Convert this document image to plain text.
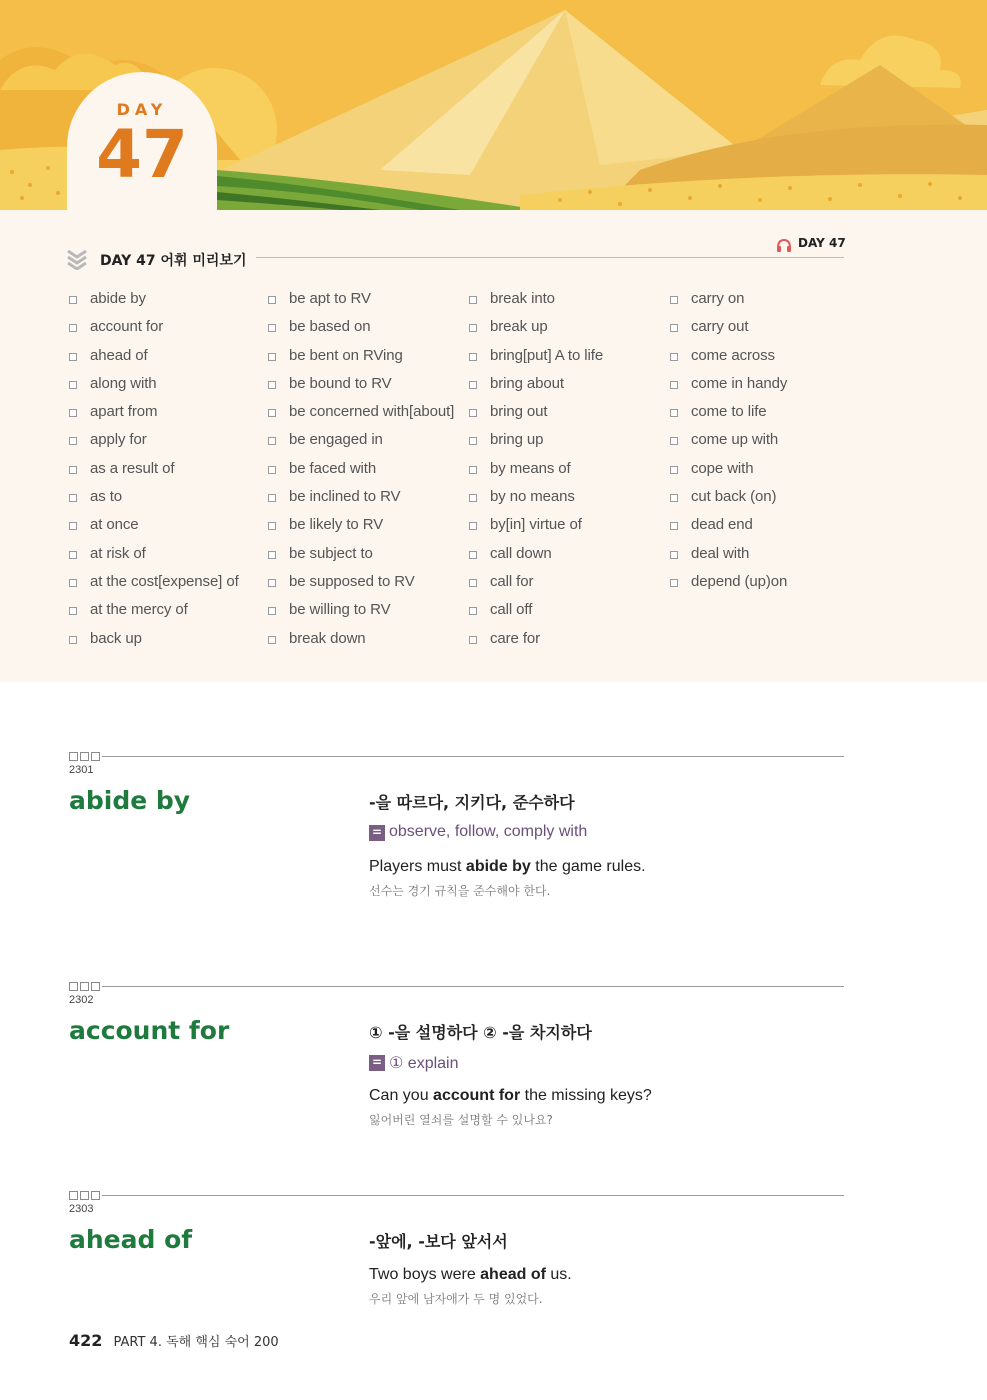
DAY
47
DAY 47 어휘 미리보기
DAY 47
abide by
account for
ahead of
along with
apart from
apply for
as a result of
as to
at once
at risk of
at the cost[expense] of
at the mercy of
back up
be apt to RV
be based on
be bent on RVing
be bound to RV
be concerned with[about]
be engaged in
be faced with
be inclined to RV
be likely to RV
be subject to
be supposed to RV
be willing to RV
break down
break into
break up
bring[put] A to life
bring about
bring out
bring up
by means of
by no means
by[in] virtue of
call down
call for
call off
care for
carry on
carry out
come across
come in handy
come to life
come up with
cope with
cut back (on)
dead end
deal with
depend (up)on
2301
abide by	-을 따르다, 지키다, 준수하다
= observe, follow, comply with
Players must abide by the game rules.
선수는 경기 규칙을 준수해야 한다.
2302
account for	① -을 설명하다 ② -을 차지하다
= ① explain
Can you account for the missing keys?
잃어버린 열쇠를 설명할 수 있나요?
2303
ahead of	-앞에, -보다 앞서서
Two boys were ahead of us.
우리 앞에 남자애가 두 명 있었다.
422 PART 4. 독해 핵심 숙어 200
